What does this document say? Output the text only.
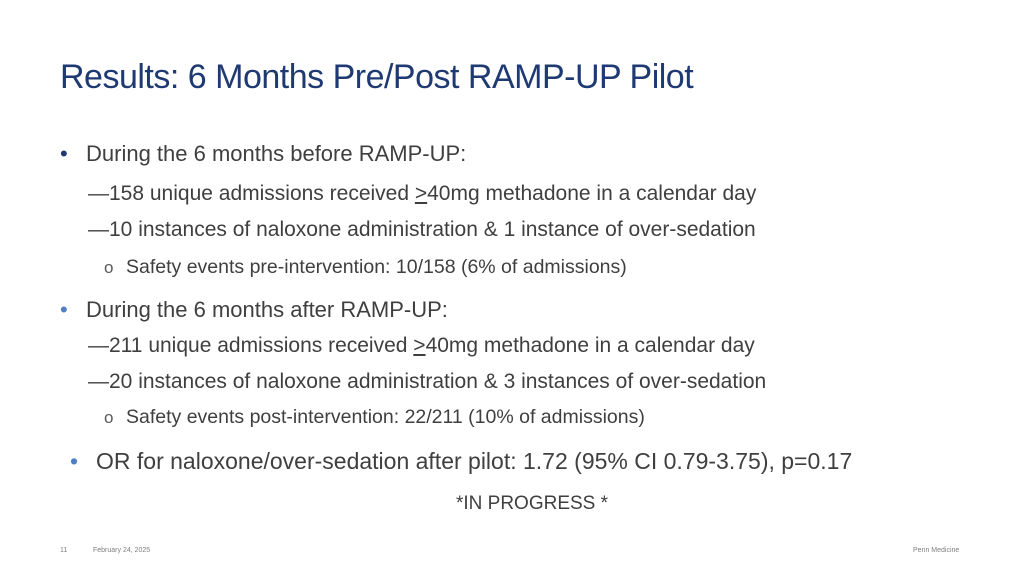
Results: 6 Months Pre/Post RAMP-UP Pilot
• During the 6 months before RAMP-UP:
—158 unique admissions received ≥40mg methadone in a calendar day
—10 instances of naloxone administration & 1 instance of over-sedation
o Safety events pre-intervention: 10/158 (6% of admissions)
• During the 6 months after RAMP-UP:
—211 unique admissions received ≥40mg methadone in a calendar day
—20 instances of naloxone administration & 3 instances of over-sedation
o Safety events post-intervention: 22/211 (10% of admissions)
• OR for naloxone/over-sedation after pilot: 1.72 (95% CI 0.79-3.75), p=0.17
*IN PROGRESS *
11	February 24, 2025	Penn Medicine
